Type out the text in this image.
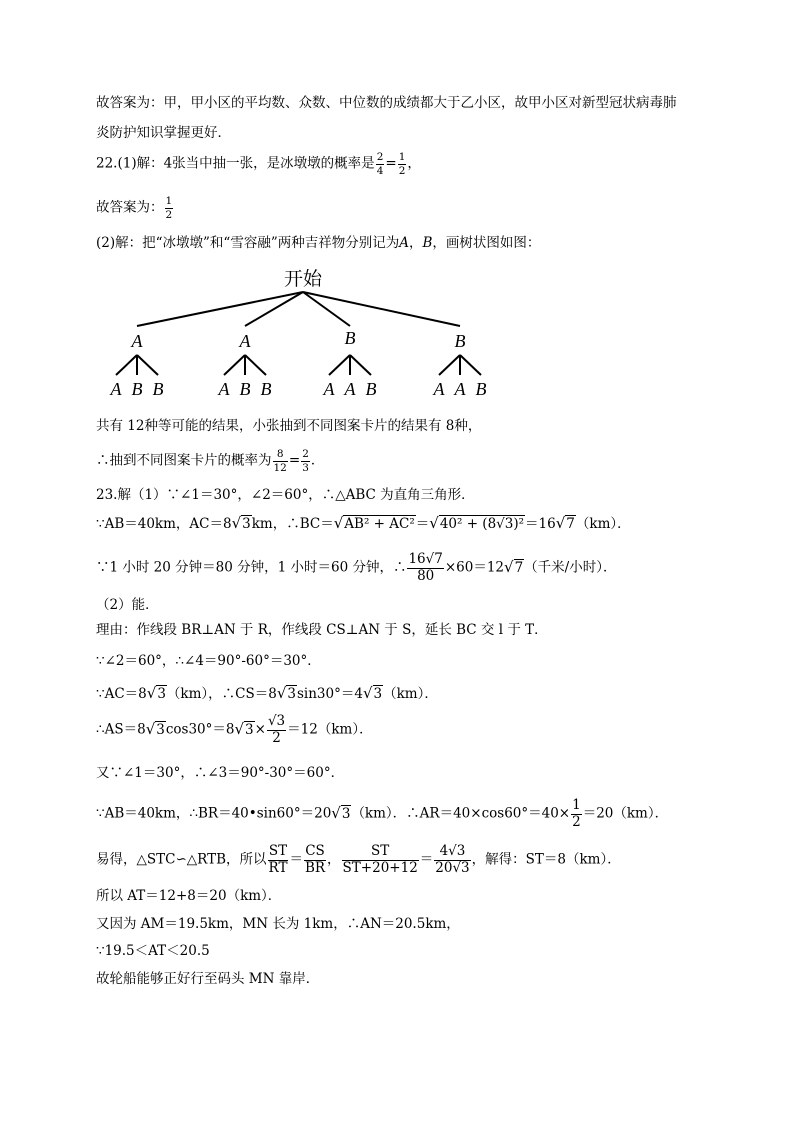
故答案为：甲，甲小区的平均数、众数、中位数的成绩都大于乙小区，故甲小区对新型冠状病毒肺
炎防护知识掌握更好．
22.(1)解：4张当中抽一张，是冰墩墩的概率是 $\frac{2}{4} = \frac{1}{2}$ ，
故答案为： $\frac{1}{2}$
(2)解：把“冰墩墩”和“雪容融”两种吉祥物分别记为A，B，画树状图如图：
开始
A	A	B	B
A B B	A B B	A A B	A A B
共有 12种等可能的结果，小张抽到不同图案卡片的结果有 8种，
∴抽到不同图案卡片的概率为 $\frac{8}{12} = \frac{2}{3}$ ．
23.解（1）∵∠1＝30°，∠2＝60°，∴△ABC 为直角三角形．
∵AB＝40km，AC＝8√3km，∴BC＝√AB² + AC²＝√40² + (8√3)²＝16√7（km）．
∵1 小时 20 分钟＝80 分钟，1 小时＝60 分钟，∴ $\frac{16√7}{80} \times 60=12√7$（千米/小时）．
（2）能．
理由：作线段 BR⊥AN 于 R，作线段 CS⊥AN 于 S，延长 BC 交 l 于 T．
∵∠2＝60°，∴∠4＝90°-60°＝30°．
∵AC＝8√3（km），∴CS＝8√3sin30°＝4√3（km）．
∴AS＝8√3cos30°＝8√3× $\frac{√3}{2} =12(km)$．
又∵∠1＝30°，∴∠3＝90°-30°＝60°．
∵AB＝40km，∴BR＝40•sin60°＝20√3（km）．∴AR＝40×cos60°＝40× $\frac{1}{2} =20(km)$．
易得，△STC∽△RTB，所以 $\frac{ST}{RT} = \frac{CS}{BR}$ ， $\frac{ST}{ST+20+12} = \frac{4√3}{20√3}$ ，解得：ST＝8（km）．
所以 AT＝12+8＝20（km）．
又因为 AM＝19.5km，MN 长为 1km，∴AN＝20.5km，
∵19.5＜AT＜20.5
故轮船能够正好行至码头 MN 靠岸．
